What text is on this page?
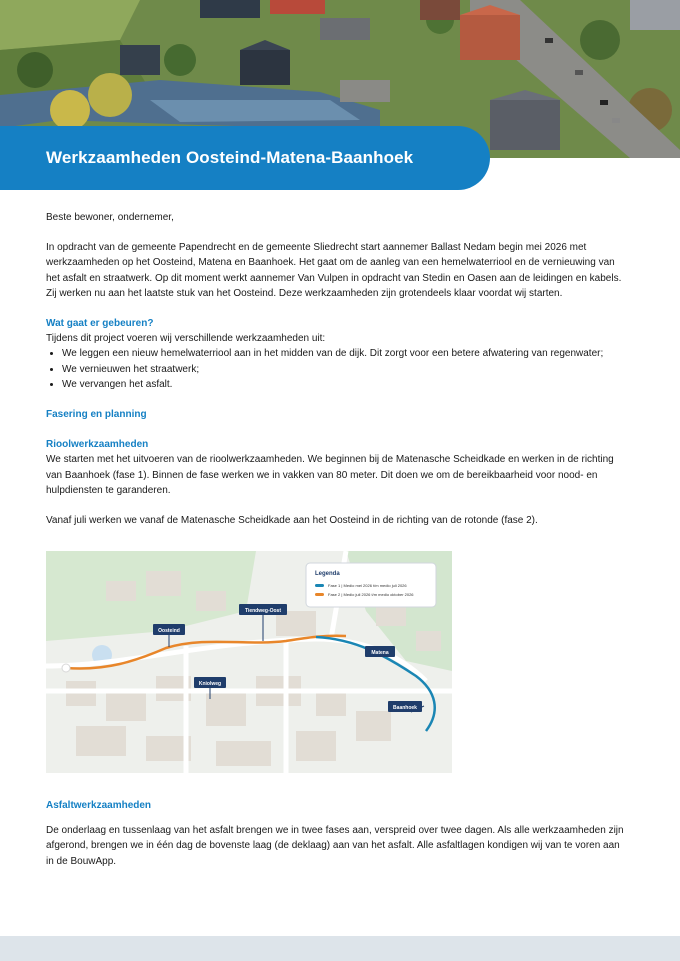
Werkzaamheden Oosteind-Matena-Baanhoek

Beste bewoner, ondernemer,

In opdracht van de gemeente Papendrecht en de gemeente Sliedrecht start aannemer Ballast Nedam begin mei 2026 met werkzaamheden op het Oosteind, Matena en Baanhoek. Het gaat om de aanleg van een hemelwaterriool en de vernieuwing van het asfalt en straatwerk. Op dit moment werkt aannemer Van Vulpen in opdracht van Stedin en Oasen aan de leidingen en kabels. Zij werken nu aan het laatste stuk van het Oosteind. Deze werkzaamheden zijn grotendeels klaar voordat wij starten.

Wat gaat er gebeuren?

Tijdens dit project voeren wij verschillende werkzaamheden uit:

• We leggen een nieuw hemelwaterriool aan in het midden van de dijk. Dit zorgt voor een betere afwatering van regenwater;
• We vernieuwen het straatwerk;
• We vervangen het asfalt.

Fasering en planning

Rioolwerkzaamheden

We starten met het uitvoeren van de rioolwerkzaamheden. We beginnen bij de Matenasche Scheidkade en werken in de richting van Baanhoek (fase 1). Binnen de fase werken we in vakken van 80 meter. Dit doen we om de bereikbaarheid voor nood- en hulpdiensten te garanderen.

Vanaf juli werken we vanaf de Matenasche Scheidkade aan het Oosteind in de richting van de rotonde (fase 2).

Legenda
Fase 1 | Medio mei 2026 t/m medio juli 2026
Fase 2 | Medio juli 2026 t/m medio oktober 2026
Oosteind
Tiendweg-Oost
Matena
Kniolweg
Baanhoek

Asfaltwerkzaamheden

De onderlaag en tussenlaag van het asfalt brengen we in twee fases aan, verspreid over twee dagen. Als alle werkzaamheden zijn afgerond, brengen we in één dag de bovenste laag (de deklaag) aan van het asfalt. Alle asfaltlagen kondigen wij van te voren aan in de BouwApp.
